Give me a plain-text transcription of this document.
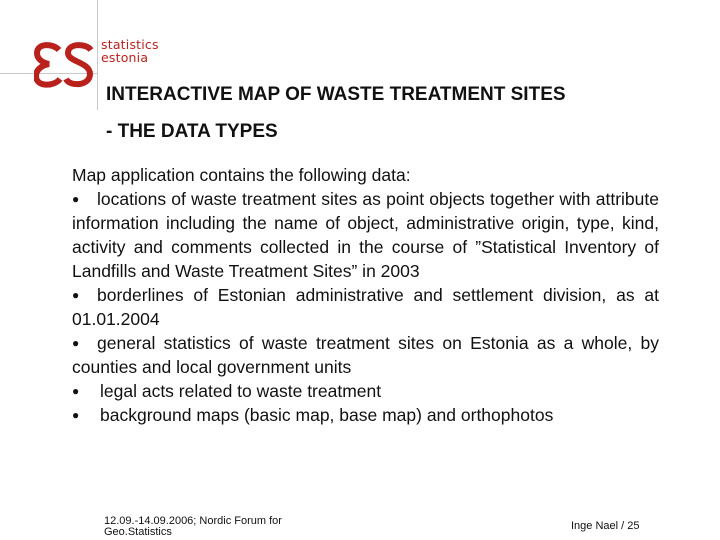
statistics
estonia
INTERACTIVE MAP OF WASTE TREATMENT SITES
- THE DATA TYPES

Map application contains the following data:

● locations of waste treatment sites as point objects together with attribute information including the name of object, administrative origin, type, kind, activity and comments collected in the course of ”Statistical Inventory of Landfills and Waste Treatment Sites” in 2003
● borderlines of Estonian administrative and settlement division, as at 01.01.2004
● general statistics of waste treatment sites on Estonia as a whole, by counties and local government units
● legal acts related to waste treatment
● background maps (basic map, base map) and orthophotos
12.09.-14.09.2006; Nordic Forum for
Geo.Statistics	Inge Nael / 25
